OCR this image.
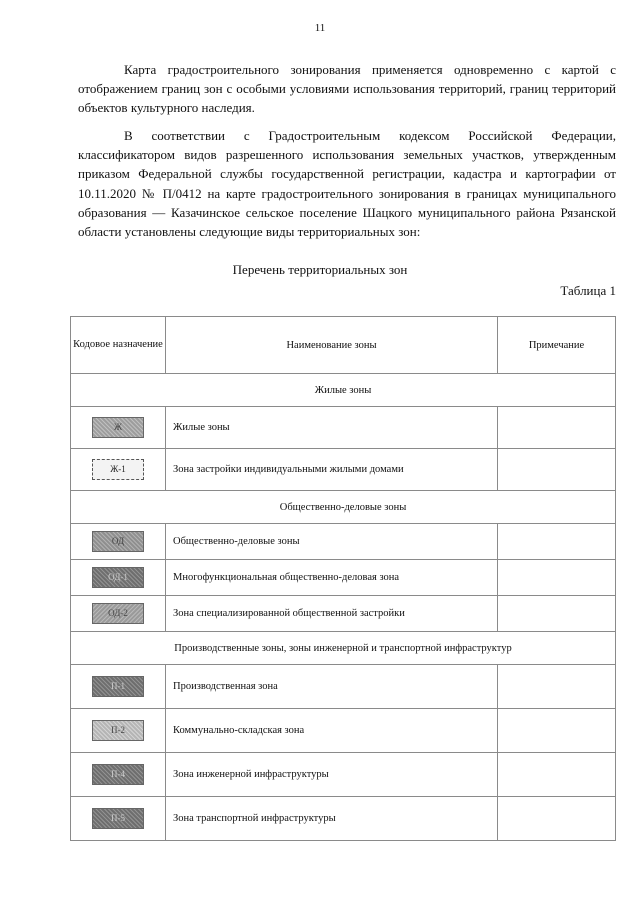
11

Карта градостроительного зонирования применяется одновременно с картой с отображением границ зон с особыми условиями использования территорий, границ территорий объектов культурного наследия.

В соответствии с Градостроительным кодексом Российской Федерации, классификатором видов разрешенного использования земельных участков, утвержденным приказом Федеральной службы государственной регистрации, кадастра и картографии от 10.11.2020 № П/0412 на карте градостроительного зонирования в границах муниципального образования — Казачинское сельское поселение Шацкого муниципального района Рязанской области установлены следующие виды территориальных зон:

Перечень территориальных зон
Таблица 1
Кодовое назначение	Наименование зоны	Примечание
Жилые зоны		
Ж	Жилые зоны	
Ж-1	Зона застройки индивидуальными жилыми домами	
Общественно-деловые зоны		
ОД	Общественно-деловые зоны	
ОД-1	Многофункциональная общественно-деловая зона	
ОД-2	Зона специализированной общественной застройки	
Производственные зоны, зоны инженерной и транспортной инфраструктур		
П-1	Производственная зона	
П-2	Коммунально-складская зона	
П-4	Зона инженерной инфраструктуры	
П-5	Зона транспортной инфраструктуры	
